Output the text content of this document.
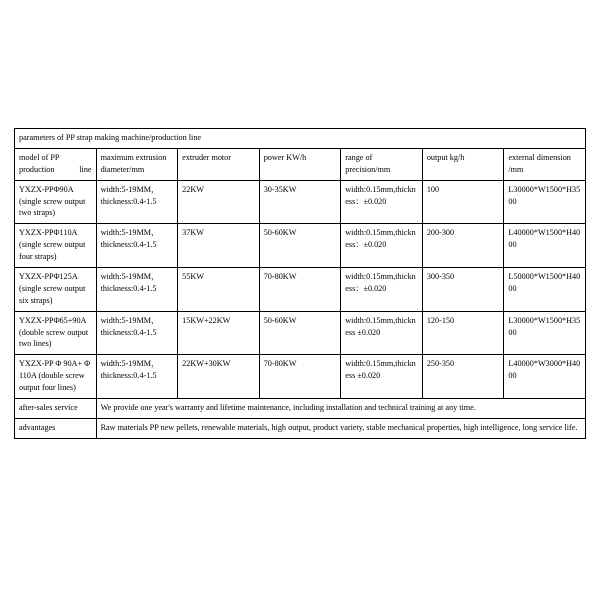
parameters of PP strap making machine/production line						
model of PP production line	maximum extrusion diameter/mm	extruder motor	power KW/h	range of precision/mm	output kg/h	external dimension /mm
YXZX-PPΦ90A (single screw output two straps)	width:5-19MM，thickness:0.4-1.5	22KW	30-35KW	width:0.15mm,thickness：±0.020	100	L30000*W1500*H3500
YXZX-PPΦ110A (single screw output four straps)	width:5-19MM，thickness:0.4-1.5	37KW	50-60KW	width:0.15mm,thickness：±0.020	200-300	L40000*W1500*H4000
YXZX-PPΦ125A (single screw output six straps)	width:5-19MM，thickness:0.4-1.5	55KW	70-80KW	width:0.15mm,thickness：±0.020	300-350	L50000*W1500*H4000
YXZX-PPΦ65+90A (double screw output two lines)	width:5-19MM，thickness:0.4-1.5	15KW+22KW	50-60KW	width:0.15mm,thickness ±0.020	120-150	L30000*W1500*H3500
YXZX-PP Φ 90A+ Φ 110A (double screw output four lines)	width:5-19MM，thickness:0.4-1.5	22KW+30KW	70-80KW	width:0.15mm,thickness ±0.020	250-350	L40000*W3000*H4000
after-sales service	We provide one year's warranty and lifetime maintenance, including installation and technical training at any time.					
advantages	Raw materials PP new pellets, renewable materials, high output, product variety, stable mechanical properties, high intelligence, long service life.					
